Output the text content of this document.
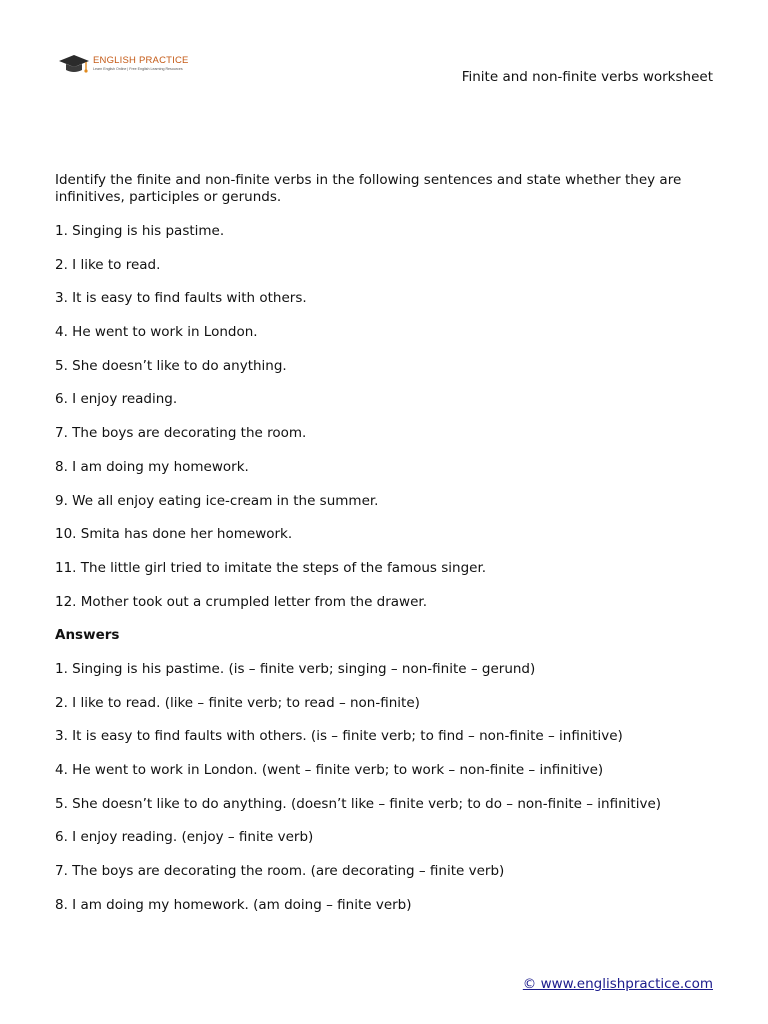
ENGLISH PRACTICE
Learn English Online | Free English Learning Resources
Finite and non-finite verbs worksheet

Identify the finite and non-finite verbs in the following sentences and state whether they are infinitives, participles or gerunds.

1. Singing is his pastime.

2. I like to read.

3. It is easy to find faults with others.

4. He went to work in London.

5. She doesn’t like to do anything.

6. I enjoy reading.

7. The boys are decorating the room.

8. I am doing my homework.

9. We all enjoy eating ice-cream in the summer.

10. Smita has done her homework.

11. The little girl tried to imitate the steps of the famous singer.

12. Mother took out a crumpled letter from the drawer.

Answers

1. Singing is his pastime. (is – finite verb; singing – non-finite – gerund)

2. I like to read. (like – finite verb; to read – non-finite)

3. It is easy to find faults with others. (is – finite verb; to find – non-finite – infinitive)

4. He went to work in London. (went – finite verb; to work – non-finite – infinitive)

5. She doesn’t like to do anything. (doesn’t like – finite verb; to do – non-finite – infinitive)

6. I enjoy reading. (enjoy – finite verb)

7. The boys are decorating the room. (are decorating – finite verb)

8. I am doing my homework. (am doing – finite verb)

© www.englishpractice.com
